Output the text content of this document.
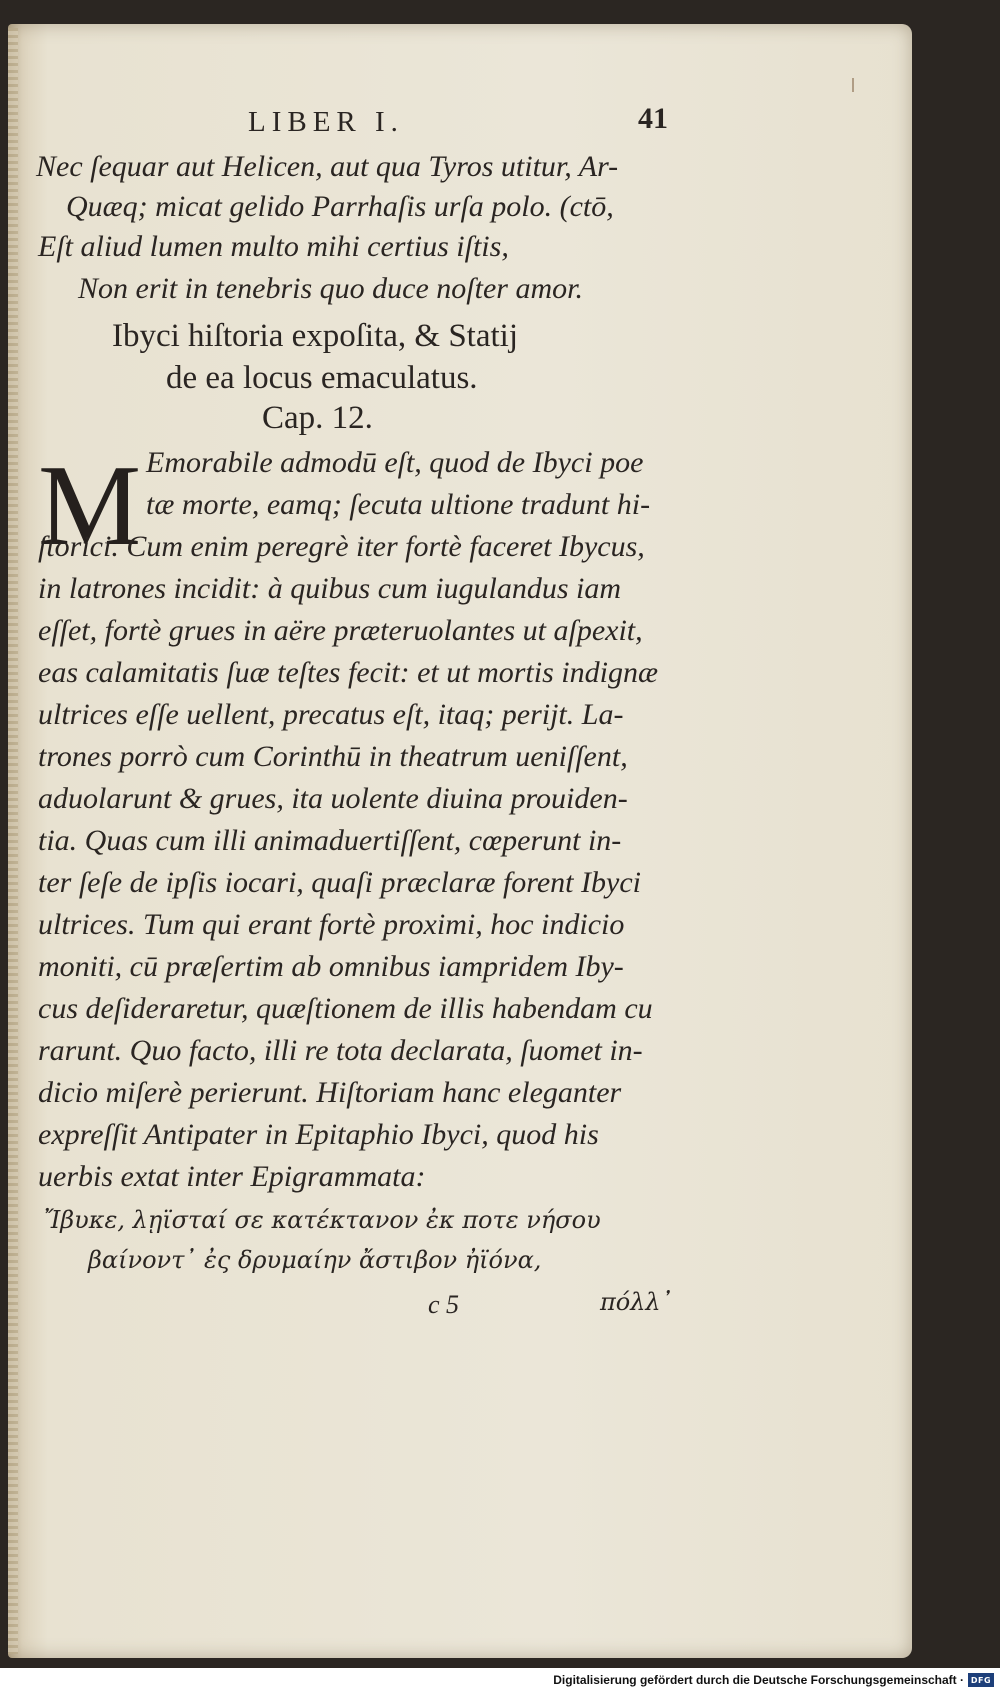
LIBER I.	41
Nec ſequar aut Helicen, aut qua Tyros utitur, Ar-
Quæq; micat gelido Parrhaſis urſa polo. (ctō,
Eſt aliud lumen multo mihi certius iſtis,
Non erit in tenebris quo duce noſter amor.
Ibyci hiſtoria expoſita, & Statij
de ea locus emaculatus.
Cap. 12.
M Emorabile admodū eſt, quod de Ibyci poe
tæ morte, eamq; ſecuta ultione tradunt hi-
ſtorici. Cum enim peregrè iter fortè faceret Ibycus,
in latrones incidit: à quibus cum iugulandus iam
eſſet, fortè grues in aëre præteruolantes ut aſpexit,
eas calamitatis ſuæ teſtes fecit: et ut mortis indignæ
ultrices eſſe uellent, precatus eſt, itaq; perijt. La-
trones porrò cum Corinthū in theatrum ueniſſent,
aduolarunt & grues, ita uolente diuina prouiden-
tia. Quas cum illi animaduertiſſent, cœperunt in-
ter ſeſe de ipſis iocari, quaſi præclaræ forent Ibyci
ultrices. Tum qui erant fortè proximi, hoc indicio
moniti, cū præſertim ab omnibus iampridem Iby-
cus deſideraretur, quæſtionem de illis habendam cu
rarunt. Quo facto, illi re tota declarata, ſuomet in-
dicio miſerè perierunt. Hiſtoriam hanc eleganter
expreſſit Antipater in Epitaphio Ibyci, quod his
uerbis extat inter Epigrammata:
Ἴβυκε, λῃϊσταί σε κατέκτανον ἐκ ποτε νήσου
βαίνοντ᾽ ἐς δρυμαίην ἄστιβον ἠϊόνα,
c 5	πόλλ᾽
Digitalisierung gefördert durch die Deutsche Forschungsgemeinschaft · DFG
